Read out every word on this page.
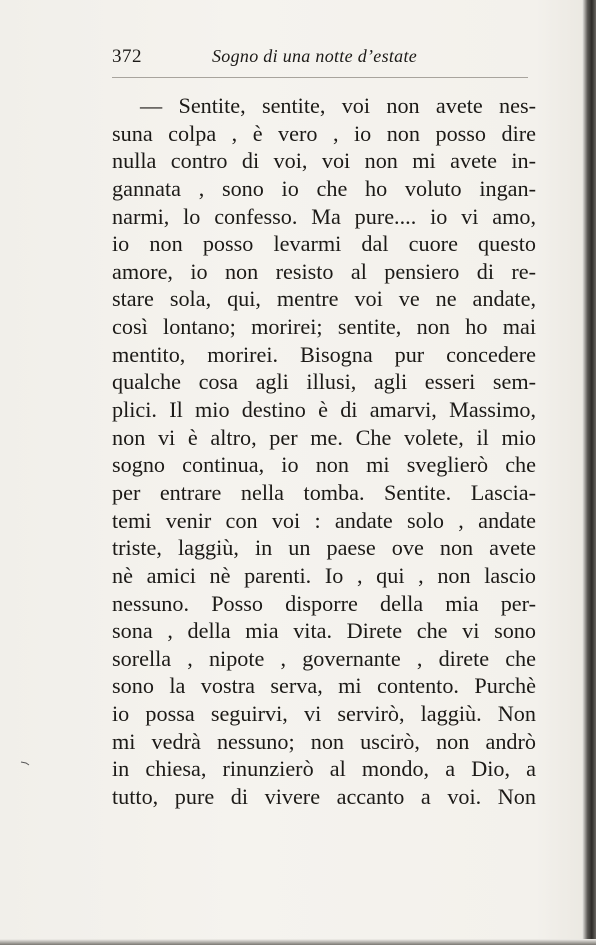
372	Sogno di una notte d’estate
— Sentite, sentite, voi non avete nes-
suna colpa , è vero , io non posso dire
nulla contro di voi, voi non mi avete in-
gannata , sono io che ho voluto ingan-
narmi, lo confesso. Ma pure.... io vi amo,
io non posso levarmi dal cuore questo
amore, io non resisto al pensiero di re-
stare sola, qui, mentre voi ve ne andate,
così lontano; morirei; sentite, non ho mai
mentito, morirei. Bisogna pur concedere
qualche cosa agli illusi, agli esseri sem-
plici. Il mio destino è di amarvi, Massimo,
non vi è altro, per me. Che volete, il mio
sogno continua, io non mi sveglierò che
per entrare nella tomba. Sentite. Lascia-
temi venir con voi : andate solo , andate
triste, laggiù, in un paese ove non avete
nè amici nè parenti. Io , qui , non lascio
nessuno. Posso disporre della mia per-
sona , della mia vita. Direte che vi sono
sorella , nipote , governante , direte che
sono la vostra serva, mi contento. Purchè
io possa seguirvi, vi servirò, laggiù. Non
mi vedrà nessuno; non uscirò, non andrò
in chiesa, rinunzierò al mondo, a Dio, a
tutto, pure di vivere accanto a voi. Non
